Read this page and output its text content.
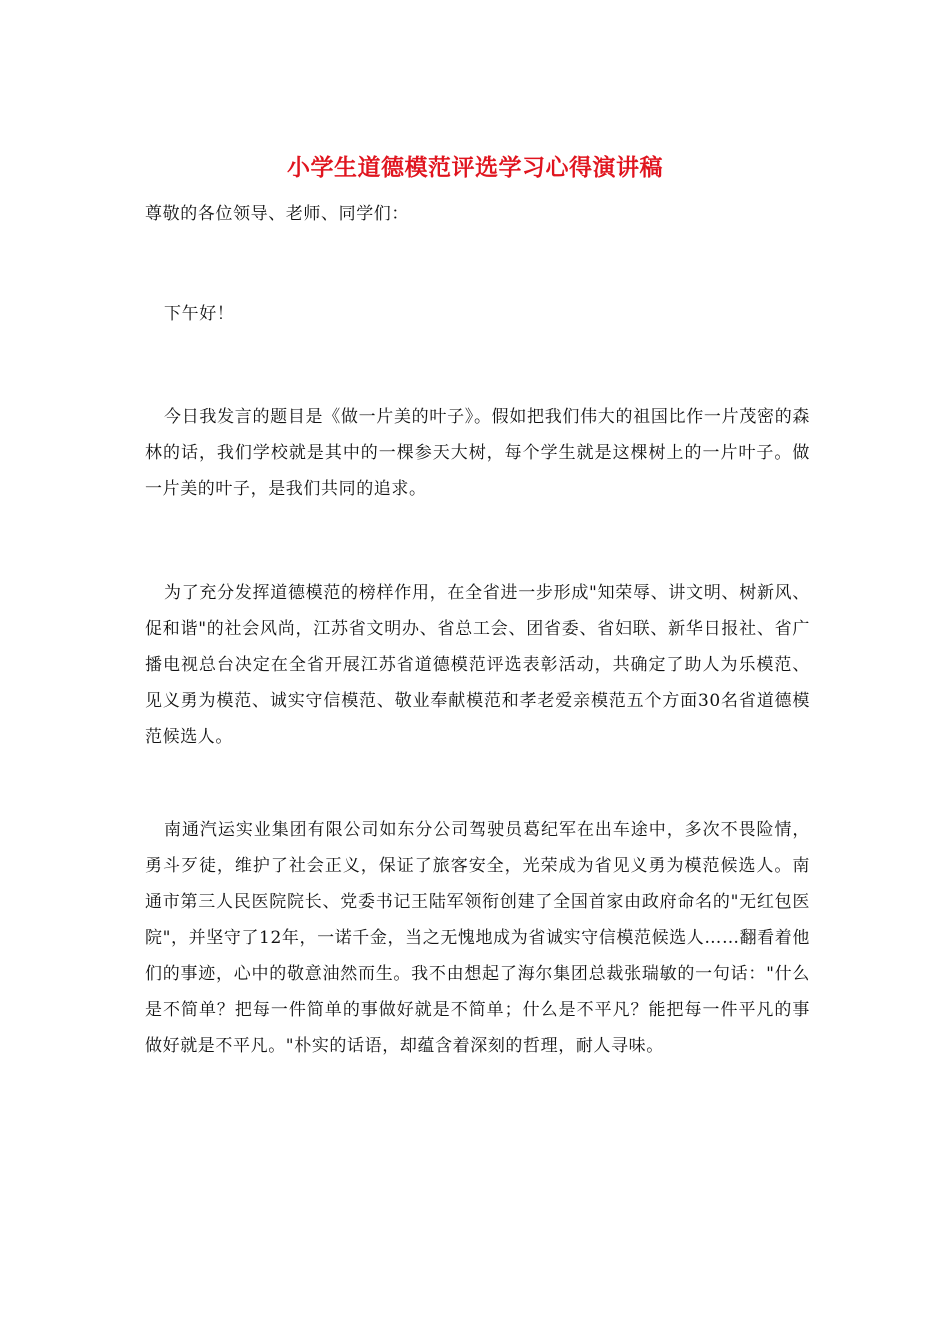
小学生道德模范评选学习心得演讲稿

尊敬的各位领导、老师、同学们：

下午好！

今日我发言的题目是《做一片美的叶子》。假如把我们伟大的祖国比作一片茂密的森林的话，我们学校就是其中的一棵参天大树，每个学生就是这棵树上的一片叶子。做一片美的叶子，是我们共同的追求。

为了充分发挥道德模范的榜样作用，在全省进一步形成"知荣辱、讲文明、树新风、促和谐"的社会风尚，江苏省文明办、省总工会、团省委、省妇联、新华日报社、省广播电视总台决定在全省开展江苏省道德模范评选表彰活动，共确定了助人为乐模范、见义勇为模范、诚实守信模范、敬业奉献模范和孝老爱亲模范五个方面30名省道德模范候选人。

南通汽运实业集团有限公司如东分公司驾驶员葛纪军在出车途中，多次不畏险情，勇斗歹徒，维护了社会正义，保证了旅客安全，光荣成为省见义勇为模范候选人。南通市第三人民医院院长、党委书记王陆军领衔创建了全国首家由政府命名的"无红包医院"，并坚守了12年，一诺千金，当之无愧地成为省诚实守信模范候选人……翻看着他们的事迹，心中的敬意油然而生。我不由想起了海尔集团总裁张瑞敏的一句话："什么是不简单？把每一件简单的事做好就是不简单；什么是不平凡？能把每一件平凡的事做好就是不平凡。"朴实的话语，却蕴含着深刻的哲理，耐人寻味。
